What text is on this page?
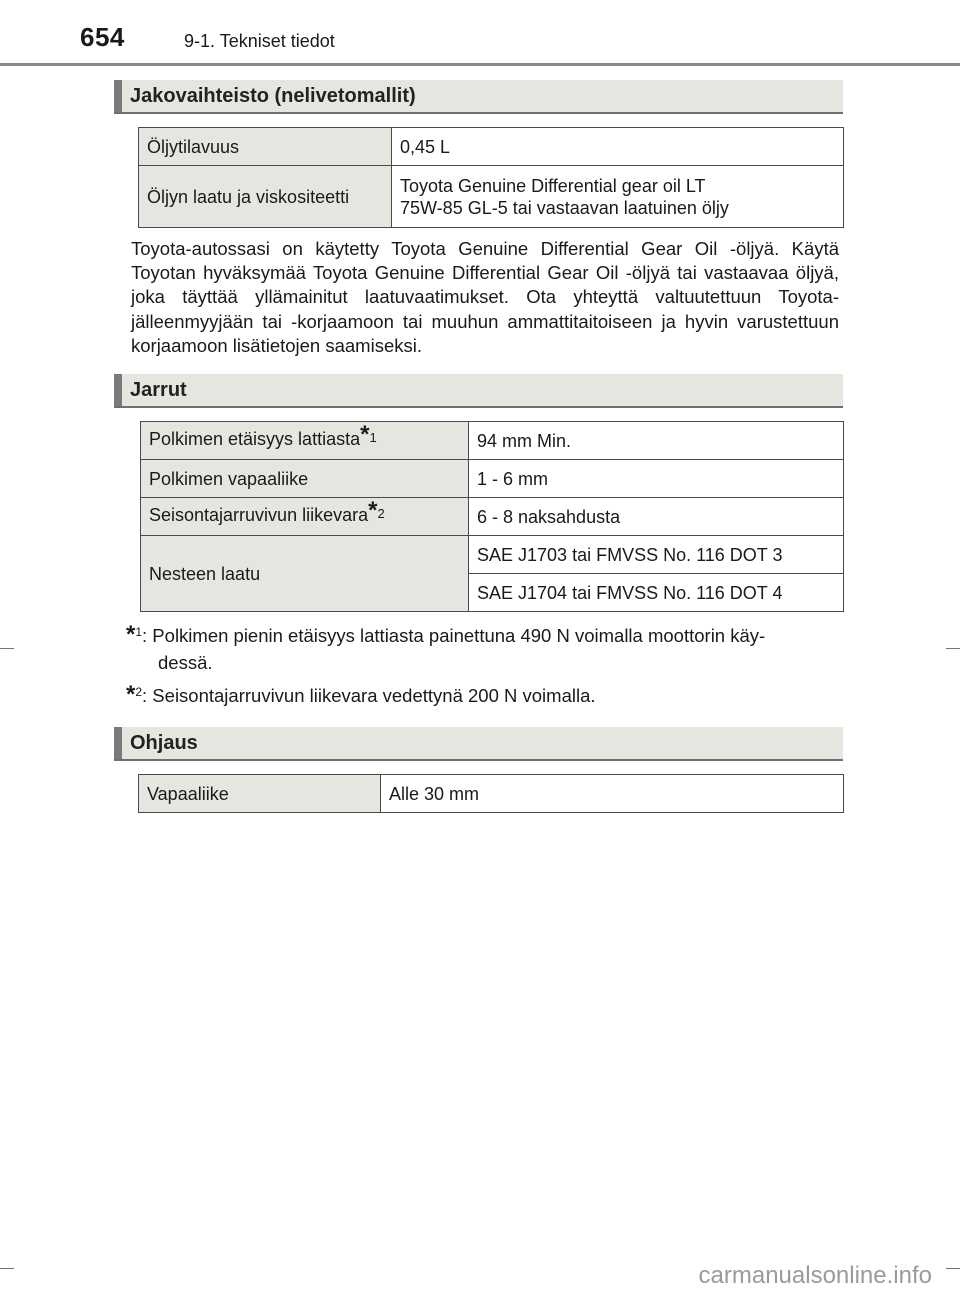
654	9-1. Tekniset tiedot
Jakovaihteisto (nelivetomallit)
Öljytilavuus	0,45 L
Öljyn laatu ja viskositeetti	Toyota Genuine Differential gear oil LT
75W-85 GL-5 tai vastaavan laatuinen öljy
Toyota-autossasi on käytetty Toyota Genuine Differential Gear Oil -öljyä. Käytä Toyotan hyväksymää Toyota Genuine Differential Gear Oil -öljyä tai vastaavaa öljyä, joka täyttää yllämainitut laatuvaatimukset. Ota yhteyttä valtuutettuun Toyota-jälleenmyyjään tai -korjaamoon tai muuhun ammattitaitoiseen ja hyvin varustettuun korjaamoon lisätietojen saamiseksi.
Jarrut
Polkimen etäisyys lattiasta$^{*1}$	94 mm Min.
Polkimen vapaaliike	1 - 6 mm
Seisontajarruvivun liikevara$^{*2}$	6 - 8 naksahdusta
Nesteen laatu	SAE J1703 tai FMVSS No. 116 DOT 3
	SAE J1704 tai FMVSS No. 116 DOT 4
*$^1$: Polkimen pienin etäisyys lattiasta painettuna 490 N voimalla moottorin käy-
dessä.
*$^2$: Seisontajarruvivun liikevara vedettynä 200 N voimalla.
Ohjaus
Vapaaliike	Alle 30 mm
carmanualsonline.info
